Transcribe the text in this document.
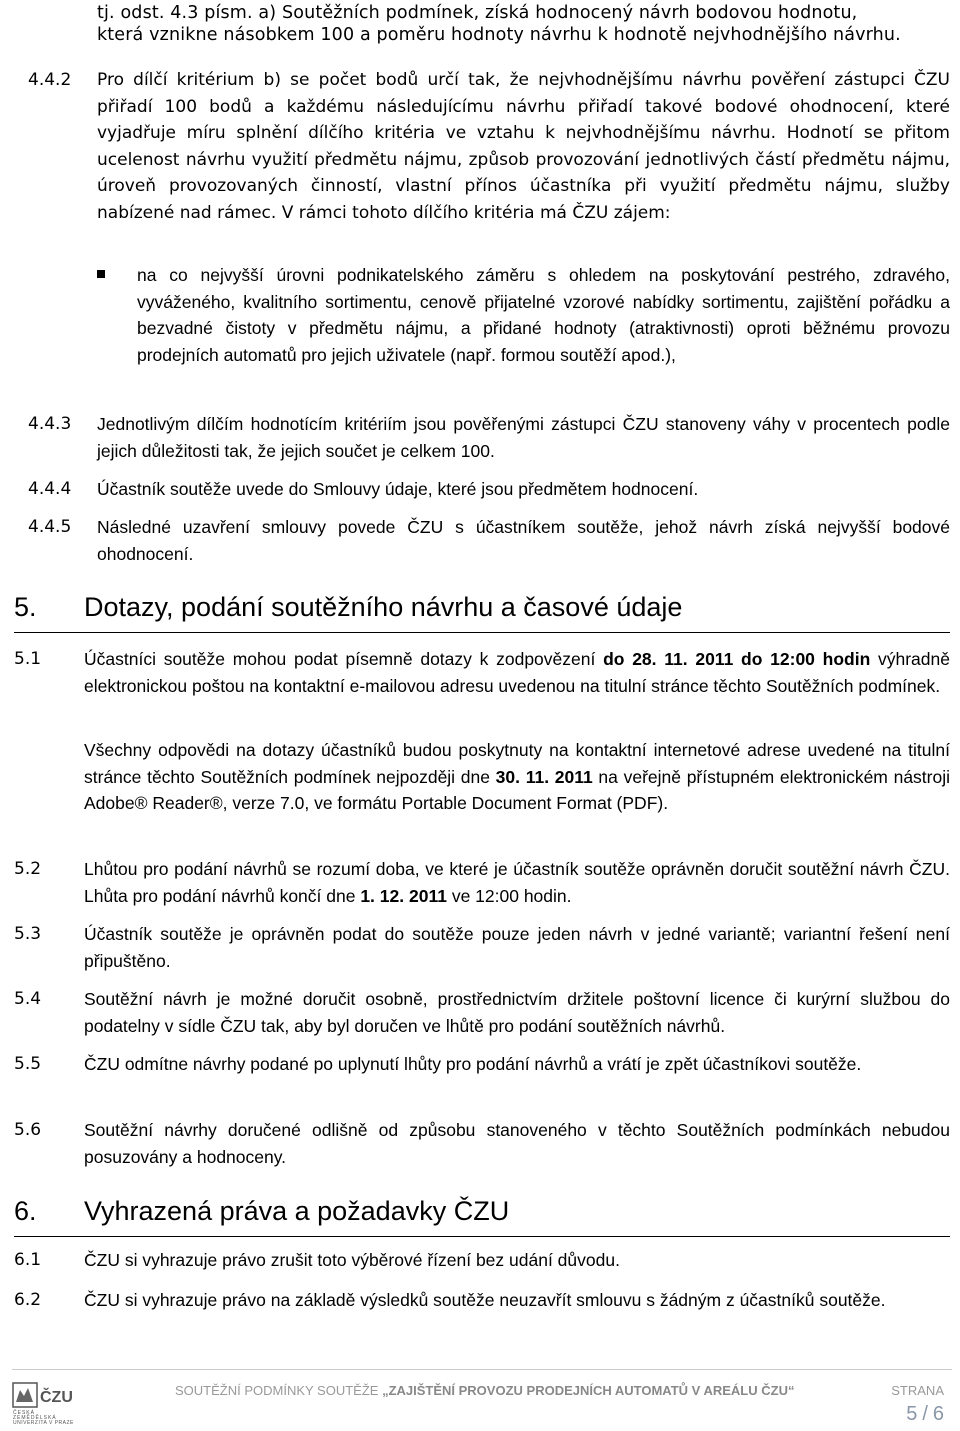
tj. odst. 4.3 písm. a) Soutěžních podmínek, získá hodnocený návrh bodovou hodnotu,
která vznikne násobkem 100 a poměru hodnoty návrhu k hodnotě nejvhodnějšího návrhu.
4.4.2 Pro dílčí kritérium b) se počet bodů určí tak, že nejvhodnějšímu návrhu pověření zástupci ČZU přiřadí 100 bodů a každému následujícímu návrhu přiřadí takové bodové ohodnocení, které vyjadřuje míru splnění dílčího kritéria ve vztahu k nejvhodnějšímu návrhu. Hodnotí se přitom ucelenost návrhu využití předmětu nájmu, způsob provozování jednotlivých částí předmětu nájmu, úroveň provozovaných činností, vlastní přínos účastníka při využití předmětu nájmu, služby nabízené nad rámec. V rámci tohoto dílčího kritéria má ČZU zájem:
na co nejvyšší úrovni podnikatelského záměru s ohledem na poskytování pestrého, zdravého, vyváženého, kvalitního sortimentu, cenově přijatelné vzorové nabídky sortimentu, zajištění pořádku a bezvadné čistoty v předmětu nájmu, a přidané hodnoty (atraktivnosti) oproti běžnému provozu prodejních automatů pro jejich uživatele (např. formou soutěží apod.),
4.4.3 Jednotlivým dílčím hodnotícím kritériím jsou pověřenými zástupci ČZU stanoveny váhy v procentech podle jejich důležitosti tak, že jejich součet je celkem 100.
4.4.4 Účastník soutěže uvede do Smlouvy údaje, které jsou předmětem hodnocení.
4.4.5 Následné uzavření smlouvy povede ČZU s účastníkem soutěže, jehož návrh získá nejvyšší bodové ohodnocení.
5. Dotazy, podání soutěžního návrhu a časové údaje
5.1 Účastníci soutěže mohou podat písemně dotazy k zodpovězení do 28. 11. 2011 do 12:00 hodin výhradně elektronickou poštou na kontaktní e-mailovou adresu uvedenou na titulní stránce těchto Soutěžních podmínek.
Všechny odpovědi na dotazy účastníků budou poskytnuty na kontaktní internetové adrese uvedené na titulní stránce těchto Soutěžních podmínek nejpozději dne 30. 11. 2011 na veřejně přístupném elektronickém nástroji Adobe® Reader®, verze 7.0, ve formátu Portable Document Format (PDF).
5.2 Lhůtou pro podání návrhů se rozumí doba, ve které je účastník soutěže oprávněn doručit soutěžní návrh ČZU. Lhůta pro podání návrhů končí dne 1. 12. 2011 ve 12:00 hodin.
5.3 Účastník soutěže je oprávněn podat do soutěže pouze jeden návrh v jedné variantě; variantní řešení není připuštěno.
5.4 Soutěžní návrh je možné doručit osobně, prostřednictvím držitele poštovní licence či kurýrní službou do podatelny v sídle ČZU tak, aby byl doručen ve lhůtě pro podání soutěžních návrhů.
5.5 ČZU odmítne návrhy podané po uplynutí lhůty pro podání návrhů a vrátí je zpět účastníkovi soutěže.
5.6 Soutěžní návrhy doručené odlišně od způsobu stanoveného v těchto Soutěžních podmínkách nebudou posuzovány a hodnoceny.
6. Vyhrazená práva a požadavky ČZU
6.1 ČZU si vyhrazuje právo zrušit toto výběrové řízení bez udání důvodu.
6.2 ČZU si vyhrazuje právo na základě výsledků soutěže neuzavřít smlouvu s žádným z účastníků soutěže.
ČZU
ČESKÁ
ZEMĚDĚLSKÁ
UNIVERZITA V PRAZE
SOUTĚŽNÍ PODMÍNKY SOUTĚŽE „ZAJIŠTĚNÍ PROVOZU PRODEJNÍCH AUTOMATŮ V AREÁLU ČZU“	STRANA
5 / 6
